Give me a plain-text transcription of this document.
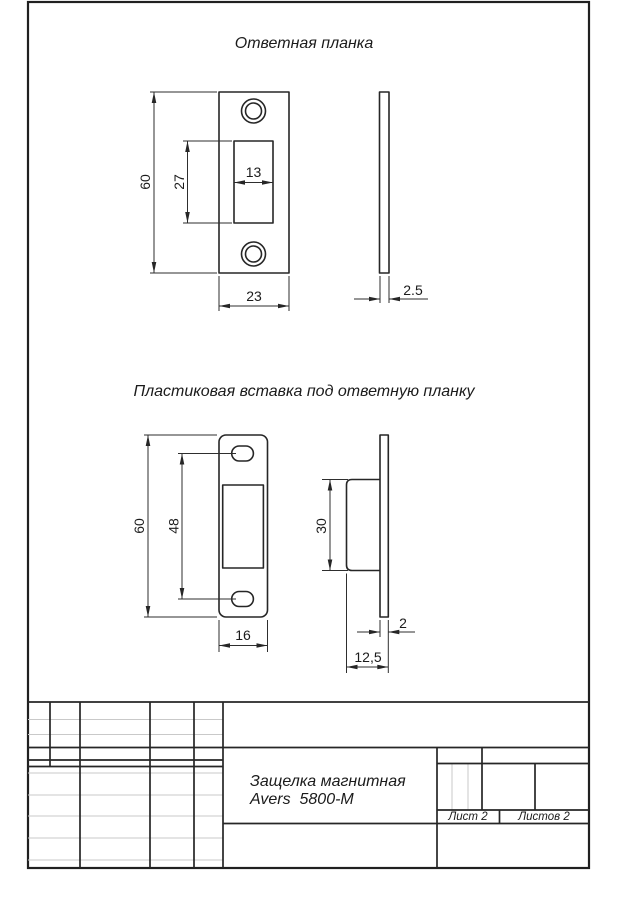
Ответная планка
60 27
13
23	2.5
Пластиковая вставка под ответную планку
60 48
16
30
2
12,5
Защелка магнитная
Avers  5800-M
Лист 2	Листов 2
